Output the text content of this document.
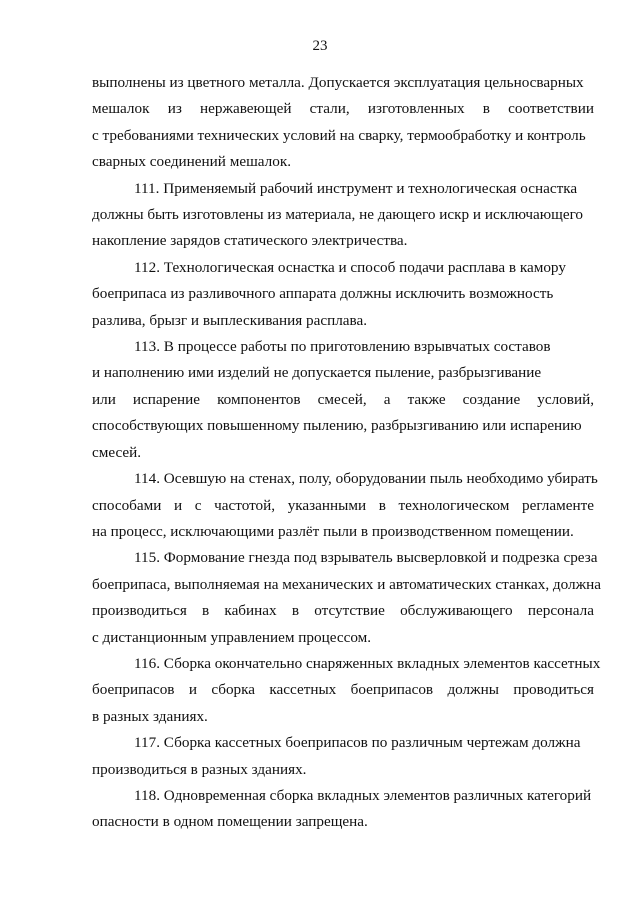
23
выполнены из цветного металла. Допускается эксплуатация цельносварных
мешалок из нержавеющей стали, изготовленных в соответствии
с требованиями технических условий на сварку, термообработку и контроль
сварных соединений мешалок.
111. Применяемый рабочий инструмент и технологическая оснастка
должны быть изготовлены из материала, не дающего искр и исключающего
накопление зарядов статического электричества.
112. Технологическая оснастка и способ подачи расплава в камору
боеприпаса из разливочного аппарата должны исключить возможность
разлива, брызг и выплескивания расплава.
113. В процессе работы по приготовлению взрывчатых составов
и наполнению ими изделий не допускается пыление, разбрызгивание
или испарение компонентов смесей, а также создание условий,
способствующих повышенному пылению, разбрызгиванию или испарению
смесей.
114. Осевшую на стенах, полу, оборудовании пыль необходимо убирать
способами и с частотой, указанными в технологическом регламенте
на процесс, исключающими разлёт пыли в производственном помещении.
115. Формование гнезда под взрыватель высверловкой и подрезка среза
боеприпаса, выполняемая на механических и автоматических станках, должна
производиться в кабинах в отсутствие обслуживающего персонала
с дистанционным управлением процессом.
116. Сборка окончательно снаряженных вкладных элементов кассетных
боеприпасов и сборка кассетных боеприпасов должны проводиться
в разных зданиях.
117. Сборка кассетных боеприпасов по различным чертежам должна
производиться в разных зданиях.
118. Одновременная сборка вкладных элементов различных категорий
опасности в одном помещении запрещена.
